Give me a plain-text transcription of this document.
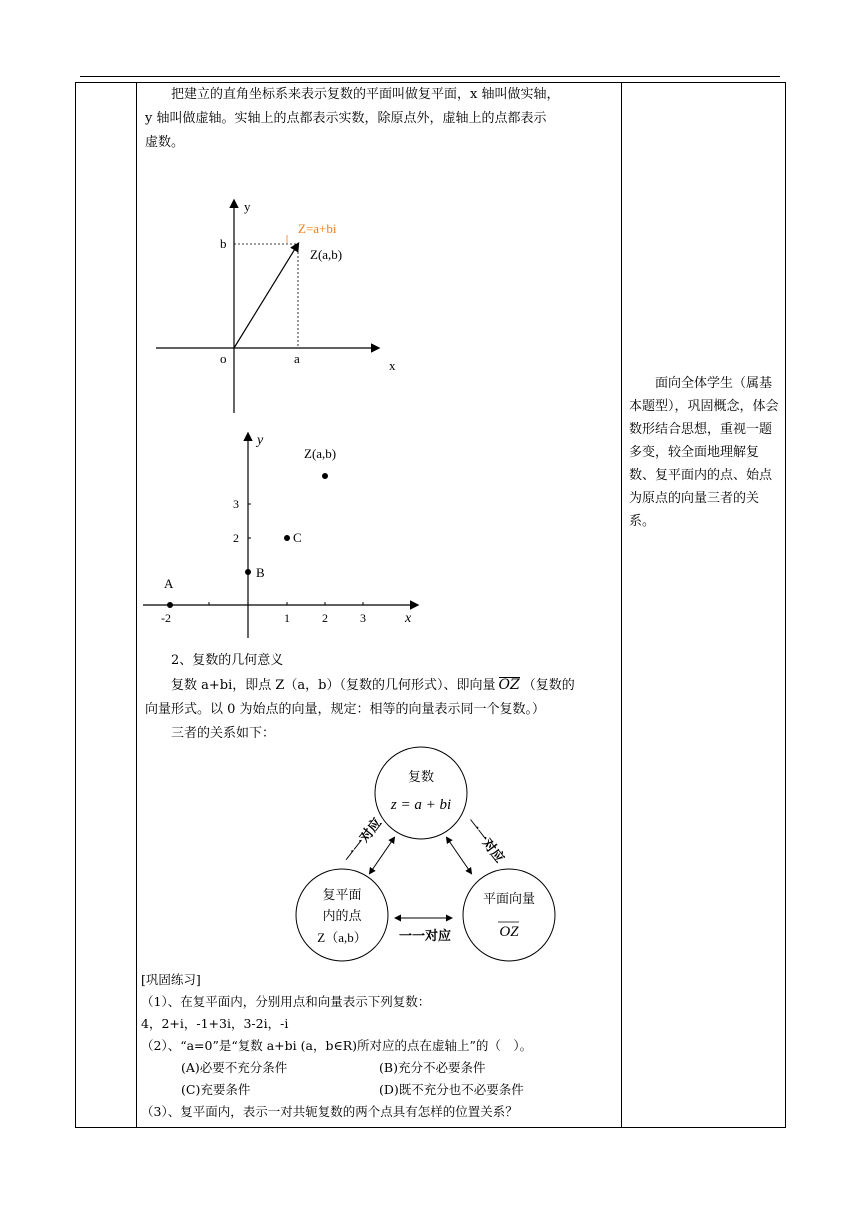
把建立的直角坐标系来表示复数的平面叫做复平面，x 轴叫做实轴，
y 轴叫做虚轴。实轴上的点都表示实数，除原点外，虚轴上的点都表示
虚数。
y
x
o	a
b
Z=a+bi
Z(a,b)
y
x
Z(a,b)
C
B
A
-2	1	2	3
2
3
2、复数的几何意义
复数 a+bi，即点 Z（a，b）（复数的几何形式）、即向量 OZ （复数的
向量形式。以 0 为始点的向量，规定：相等的向量表示同一个复数。）
三者的关系如下：
复数
z = a + bi
复平面
内的点
Z（a,b）
平面向量
OZ
一一对应	一一对应
一一对应
[巩固练习]
（1）、在复平面内，分别用点和向量表示下列复数：
4，2+i，-1+3i，3-2i，-i
（2）、“a=0”是“复数 a+bi (a，b∈R)所对应的点在虚轴上”的（　）。
(A)必要不充分条件	(B)充分不必要条件
(C)充要条件	(D)既不充分也不必要条件
（3）、复平面内，表示一对共轭复数的两个点具有怎样的位置关系？
面向全体学生（属基本题型），巩固概念，体会数形结合思想，重视一题多变，较全面地理解复数、复平面内的点、始点为原点的向量三者的关系。
